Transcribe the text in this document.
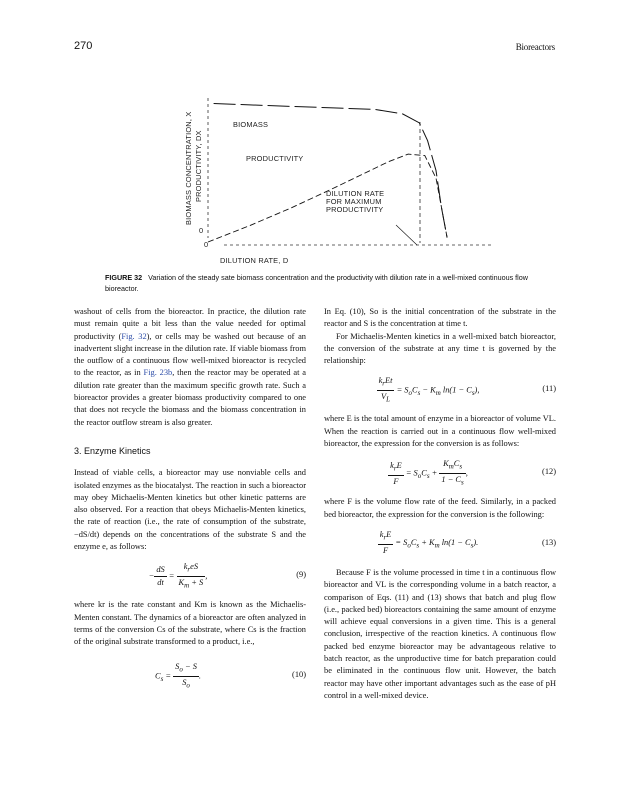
270	Bioreactors
BIOMASS CONCENTRATION, X PRODUCTIVITY, DX
0
0
DILUTION RATE, D
BIOMASS
PRODUCTIVITY
DILUTION RATE
FOR MAXIMUM
PRODUCTIVITY
FIGURE 32 Variation of the steady sate biomass concentration and the productivity with dilution rate in a well-mixed continuous flow bioreactor.

washout of cells from the bioreactor. In practice, the dilution rate must remain quite a bit less than the value needed for optimal productivity (Fig. 32), or cells may be washed out because of an inadvertent slight increase in the dilution rate. If viable biomass from the outflow of a continuous flow well-mixed bioreactor is recycled to the reactor, as in Fig. 23b, then the reactor may be operated at a dilution rate greater than the maximum specific growth rate. Such a bioreactor provides a greater biomass productivity compared to one that does not recycle the biomass and the biomass concentration in the reactor outflow stream is also greater.

3. Enzyme Kinetics

Instead of viable cells, a bioreactor may use nonviable cells and isolated enzymes as the biocatalyst. The reaction in such a bioreactor may obey Michaelis-Menten kinetics but other kinetic patterns are also observed. For a reaction that obeys Michaelis-Menten kinetics, the rate of reaction (i.e., the rate of consumption of the substrate, −dS/dt) depends on the concentrations of the substrate S and the enzyme e, as follows:

− $\frac{dS}{dt} = \frac{k_reS}{K_m + S}$ ,	(9)

where kr is the rate constant and Km is known as the Michaelis-Menten constant. The dynamics of a bioreactor are often analyzed in terms of the conversion Cs of the substrate, where Cs is the fraction of the original substrate transformed to a product, i.e.,

$C_s = \frac{S_o - S}{S_o}$ .	(10)

In Eq. (10), So is the initial concentration of the substrate in the reactor and S is the concentration at time t.

For Michaelis-Menten kinetics in a well-mixed batch bioreactor, the conversion of the substrate at any time t is governed by the relationship:

$\frac{k_rEt}{V_L} = S_oC_s - K_m$ $\ln(1 - C_s)$,	(11)

where E is the total amount of enzyme in a bioreactor of volume VL. When the reaction is carried out in a continuous flow well-mixed bioreactor, the expression for the conversion is as follows:

$\frac{k_rE}{F} = S_oC_s + \frac{K_mC_s}{1 - C_s}$ ,	(12)

where F is the volume flow rate of the feed. Similarly, in a packed bed bioreactor, the expression for the conversion is the following:

$\frac{k_rE}{F} = S_oC_s + K_m$ $\ln(1 - C_s)$.	(13)

Because F is the volume processed in time t in a continuous flow bioreactor and VL is the corresponding volume in a batch reactor, a comparison of Eqs. (11) and (13) shows that batch and plug flow (i.e., packed bed) bioreactors containing the same amount of enzyme will achieve equal conversions in a given time. This is a general conclusion, irrespective of the reaction kinetics. A continuous flow packed bed enzyme bioreactor may be advantageous relative to batch reactor, as the unproductive time for batch preparation could be eliminated in the continuous flow unit. However, the batch reactor may have other important advantages such as the ease of pH control in a well-mixed device.
